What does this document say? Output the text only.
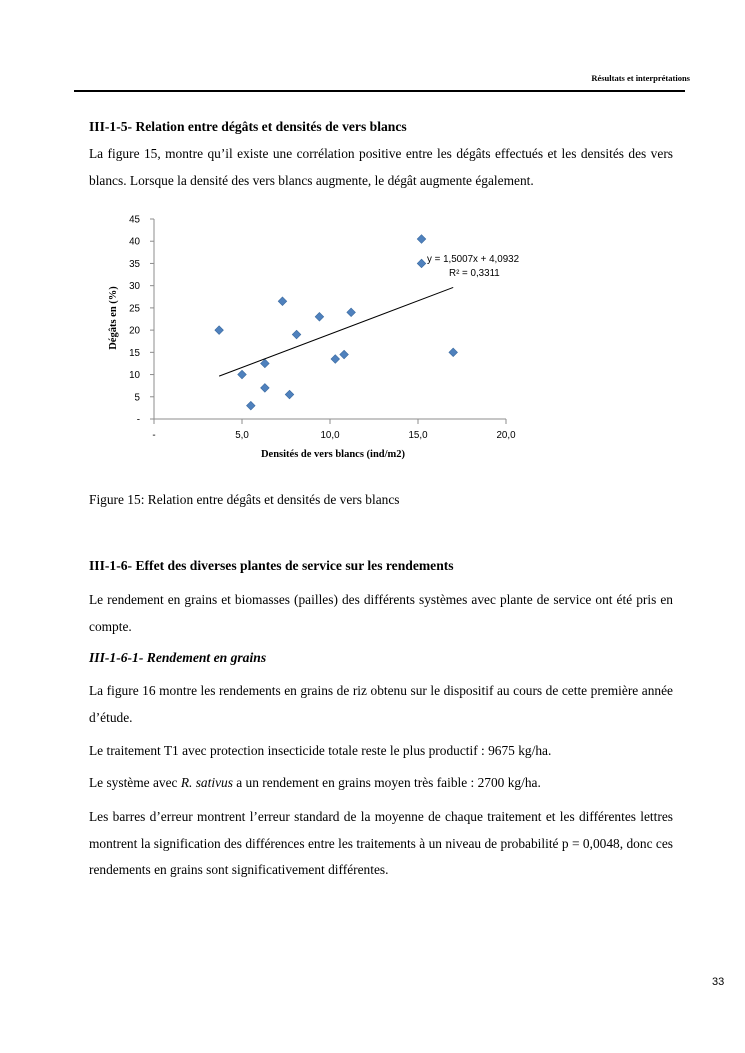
Résultats et interprétations
III-1-5- Relation entre dégâts et densités de vers blancs
La figure 15, montre qu’il existe une corrélation positive entre les dégâts effectués et les densités des vers blancs. Lorsque la densité des vers blancs augmente, le dégât augmente également.
-
5
10
15
20
25
30
35
40
45
-	5,0	10,0	15,0	20,0
y = 1,5007x + 4,0932
R² = 0,3311
Densités de vers blancs (ind/m2)
Dégâts en (%)
Figure 15: Relation entre dégâts et densités de vers blancs
III-1-6- Effet des diverses plantes de service sur les rendements
Le rendement en grains et biomasses (pailles) des différents systèmes avec plante de service ont été pris en compte.
III-1-6-1- Rendement en grains
La figure 16 montre les rendements en grains de riz obtenu sur le dispositif au cours de cette première année d’étude.
Le traitement T1 avec protection insecticide totale reste le plus productif : 9675 kg/ha.
Le système avec R. sativus a un rendement en grains moyen très faible : 2700 kg/ha.
Les barres d’erreur montrent l’erreur standard de la moyenne de chaque traitement et les différentes lettres montrent la signification des différences entre les traitements à un niveau de probabilité p = 0,0048, donc ces rendements en grains sont significativement différentes.
33
